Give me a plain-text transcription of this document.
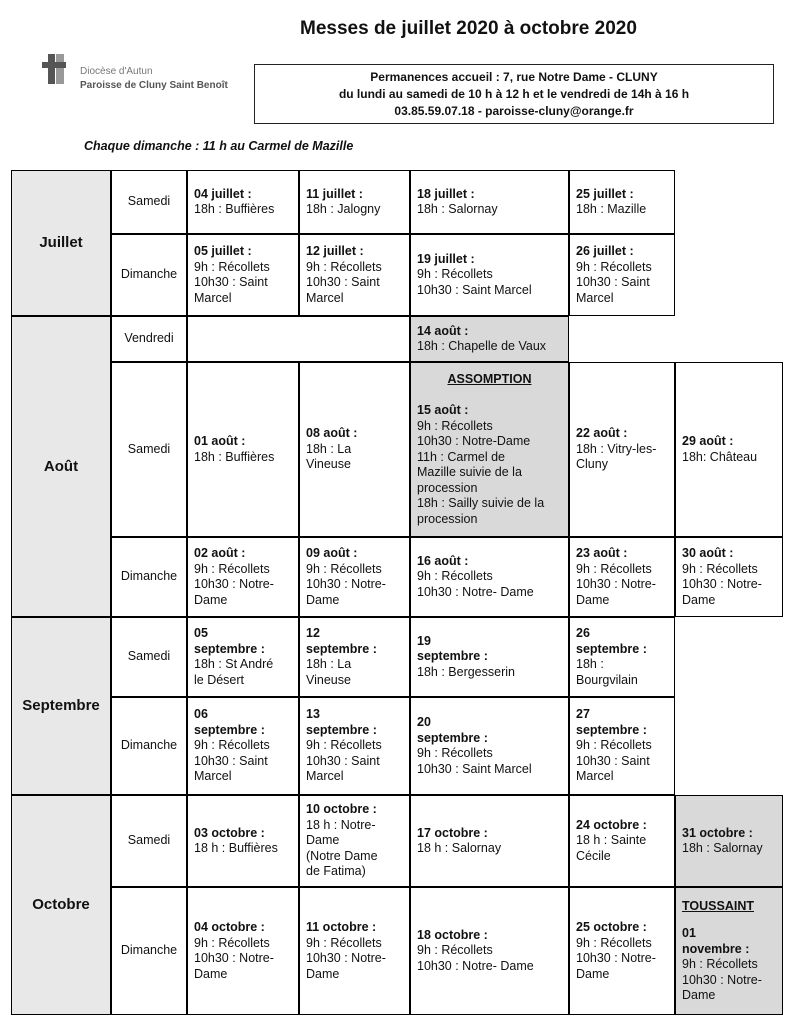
Messes de juillet 2020 à octobre 2020
Diocèse d'Autun
Paroisse de Cluny Saint Benoît
Permanences accueil : 7, rue Notre Dame - CLUNY
du lundi au samedi de 10 h à 12 h et le vendredi de 14h à 16 h
03.85.59.07.18 - paroisse-cluny@orange.fr
Chaque dimanche : 11 h au Carmel de Mazille
Juillet
Août
Septembre
Octobre
Samedi
Dimanche
Vendredi
Samedi
Dimanche
Samedi
Dimanche
Samedi
Dimanche
04 juillet :
18h : Buffières
11 juillet :
18h : Jalogny
18 juillet :
18h : Salornay
25 juillet :
18h : Mazille
05 juillet :
9h : Récollets
10h30 : Saint
Marcel
12 juillet :
9h : Récollets
10h30 : Saint
Marcel
19 juillet :
9h : Récollets
10h30 : Saint Marcel
26 juillet :
9h : Récollets
10h30 : Saint
Marcel
14 août :
18h : Chapelle de Vaux
01 août :
18h : Buffières
08 août :
18h : La
Vineuse
ASSOMPTION
15 août :
9h : Récollets
10h30 : Notre-Dame
11h : Carmel de
Mazille suivie de la
procession
18h : Sailly suivie de la
procession
22 août :
18h : Vitry-les-
Cluny
29 août :
18h: Château
02 août :
9h : Récollets
10h30 : Notre-
Dame
09 août :
9h : Récollets
10h30 : Notre-
Dame
16 août :
9h : Récollets
10h30 : Notre- Dame
23 août :
9h : Récollets
10h30 : Notre-
Dame
30 août :
9h : Récollets
10h30 : Notre-
Dame
05
septembre :
18h : St André
le Désert
12
septembre :
18h : La
Vineuse
19
septembre :
18h : Bergesserin
26
septembre :
18h :
Bourgvilain
06
septembre :
9h : Récollets
10h30 : Saint
Marcel
13
septembre :
9h : Récollets
10h30 : Saint
Marcel
20
septembre :
9h : Récollets
10h30 : Saint Marcel
27
septembre :
9h : Récollets
10h30 : Saint
Marcel
03 octobre :
18 h : Buffières
10 octobre :
18 h : Notre-
Dame
(Notre Dame
de Fatima)
17 octobre :
18 h : Salornay
24 octobre :
18 h : Sainte
Cécile
31 octobre :
18h : Salornay
04 octobre :
9h : Récollets
10h30 : Notre-
Dame
11 octobre :
9h : Récollets
10h30 : Notre-
Dame
18 octobre :
9h : Récollets
10h30 : Notre- Dame
25 octobre :
9h : Récollets
10h30 : Notre-
Dame
TOUSSAINT
01
novembre :
9h : Récollets
10h30 : Notre-
Dame
